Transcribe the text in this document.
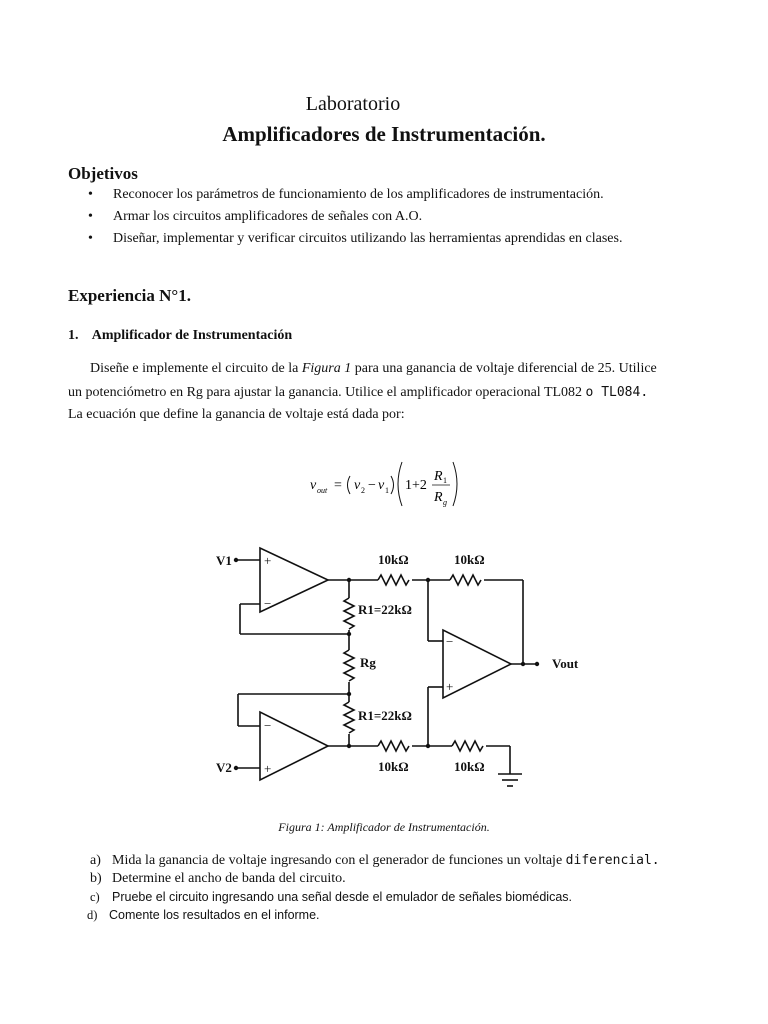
Laboratorio
Amplificadores de Instrumentación.
Objetivos
• Reconocer los parámetros de funcionamiento de los amplificadores de instrumentación.
• Armar los circuitos amplificadores de señales con A.O.
• Diseñar, implementar y verificar circuitos utilizando las herramientas aprendidas en clases.
Experiencia N°1.
1. Amplificador de Instrumentación
Diseñe e implemente el circuito de la Figura 1 para una ganancia de voltaje diferencial de 25. Utilice
un potenciómetro en Rg para ajustar la ganancia. Utilice el amplificador operacional TL082 o TL084.
La ecuación que define la ganancia de voltaje está dada por:
v out = v 2 − v 1 1+2
R 1
R g
V1
V2
Vout
10kΩ	10kΩ
10kΩ	10kΩ
R1=22kΩ
Rg
R1=22kΩ
+
−
−
+
−
+
Figura 1: Amplificador de Instrumentación.
a) Mida la ganancia de voltaje ingresando con el generador de funciones un voltaje diferencial.
b) Determine el ancho de banda del circuito.
c) Pruebe el circuito ingresando una señal desde el emulador de señales biomédicas.
d) Comente los resultados en el informe.
